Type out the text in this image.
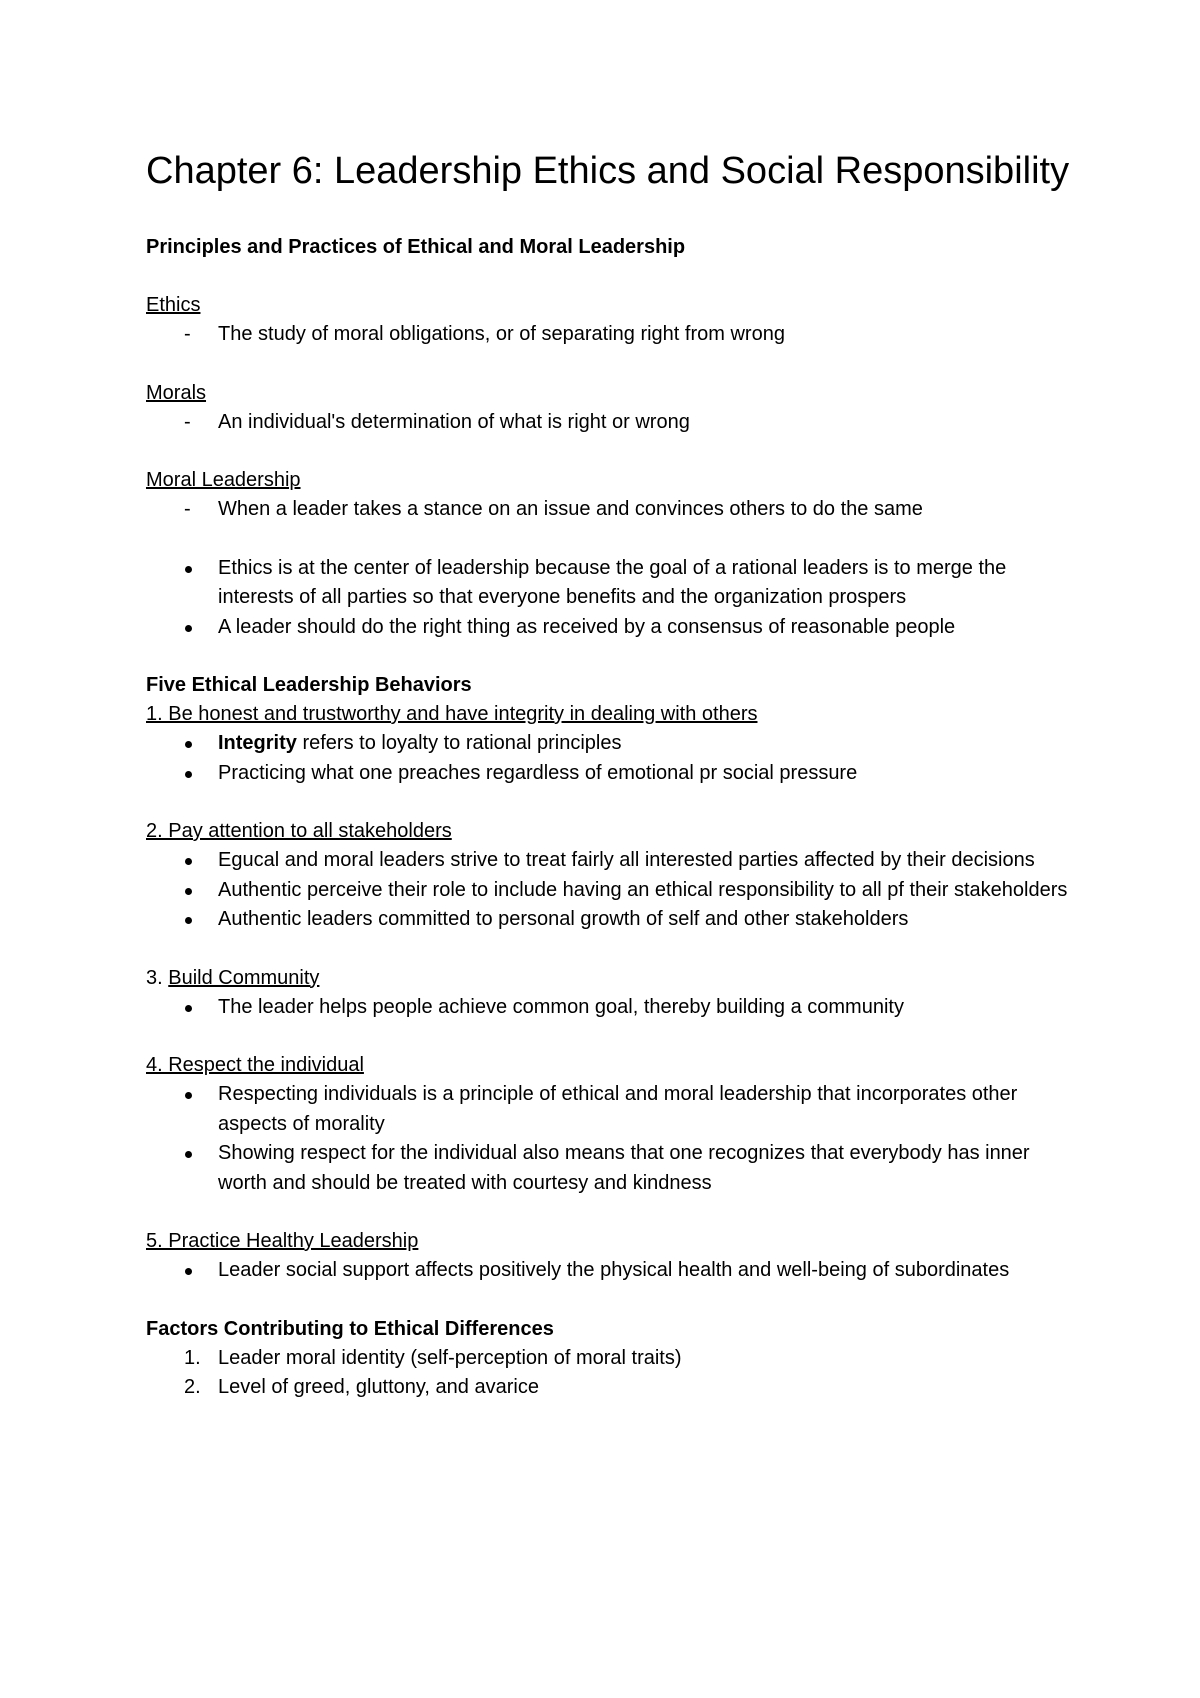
Chapter 6: Leadership Ethics and Social Responsibility

Principles and Practices of Ethical and Moral Leadership

Ethics

- The study of moral obligations, or of separating right from wrong

Morals

- An individual's determination of what is right or wrong

Moral Leadership

- When a leader takes a stance on an issue and convinces others to do the same
Ethics is at the center of leadership because the goal of a rational leaders is to merge the interests of all parties so that everyone benefits and the organization prospers
A leader should do the right thing as received by a consensus of reasonable people

Five Ethical Leadership Behaviors

1. Be honest and trustworthy and have integrity in dealing with others

Integrity refers to loyalty to rational principles
Practicing what one preaches regardless of emotional pr social pressure

2. Pay attention to all stakeholders

Egucal and moral leaders strive to treat fairly all interested parties affected by their decisions
Authentic perceive their role to include having an ethical responsibility to all pf their stakeholders
Authentic leaders committed to personal growth of self and other stakeholders

3. Build Community

The leader helps people achieve common goal, thereby building a community

4. Respect the individual

Respecting individuals is a principle of ethical and moral leadership that incorporates other aspects of morality
Showing respect for the individual also means that one recognizes that everybody has inner worth and should be treated with courtesy and kindness

5. Practice Healthy Leadership

Leader social support affects positively the physical health and well-being of subordinates

Factors Contributing to Ethical Differences

1. Leader moral identity (self-perception of moral traits)
2. Level of greed, gluttony, and avarice
